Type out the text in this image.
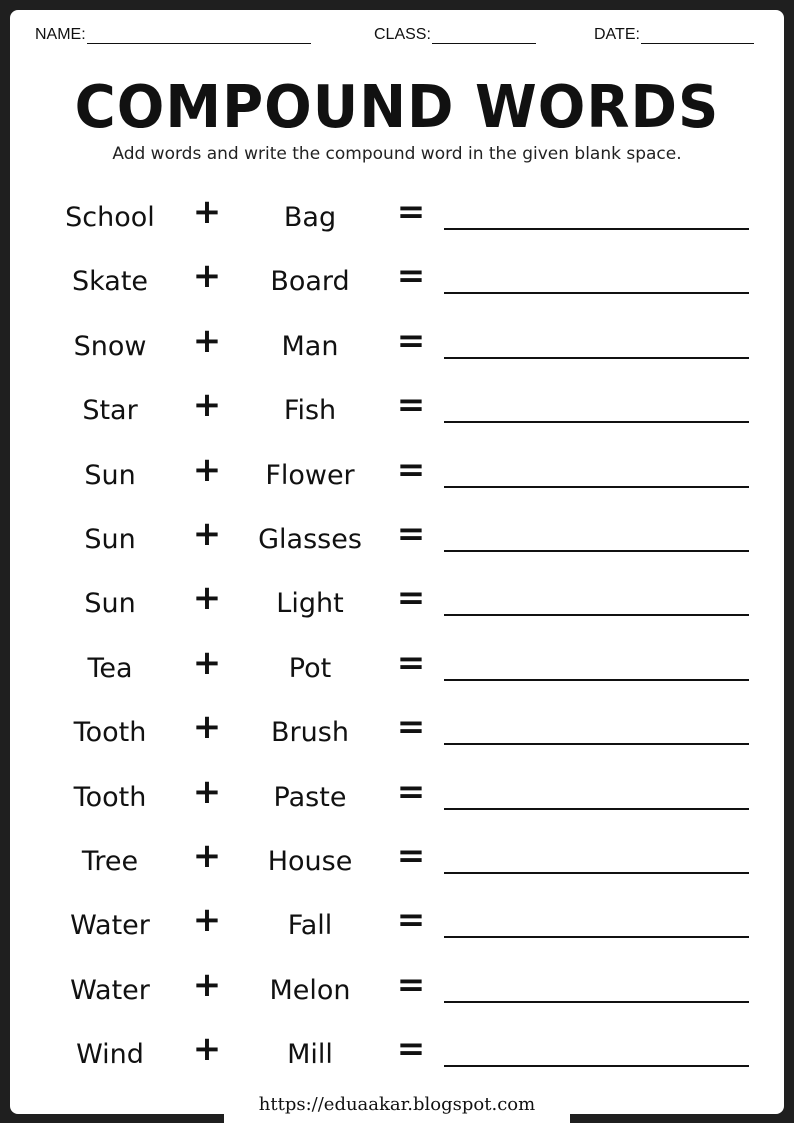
NAME:	CLASS:	DATE:
COMPOUND WORDS
Add words and write the compound word in the given blank space.
School	+	Bag	=
Skate	+	Board	=
Snow	+	Man	=
Star	+	Fish	=
Sun	+	Flower	=
Sun	+	Glasses =
Sun	+	Light	=
Tea	+	Pot	=
Tooth	+	Brush	=
Tooth	+	Paste	=
Tree	+	House	=
Water	+	Fall	=
Water	+	Melon	=
Wind	+	Mill	=
https://eduaakar.blogspot.com
